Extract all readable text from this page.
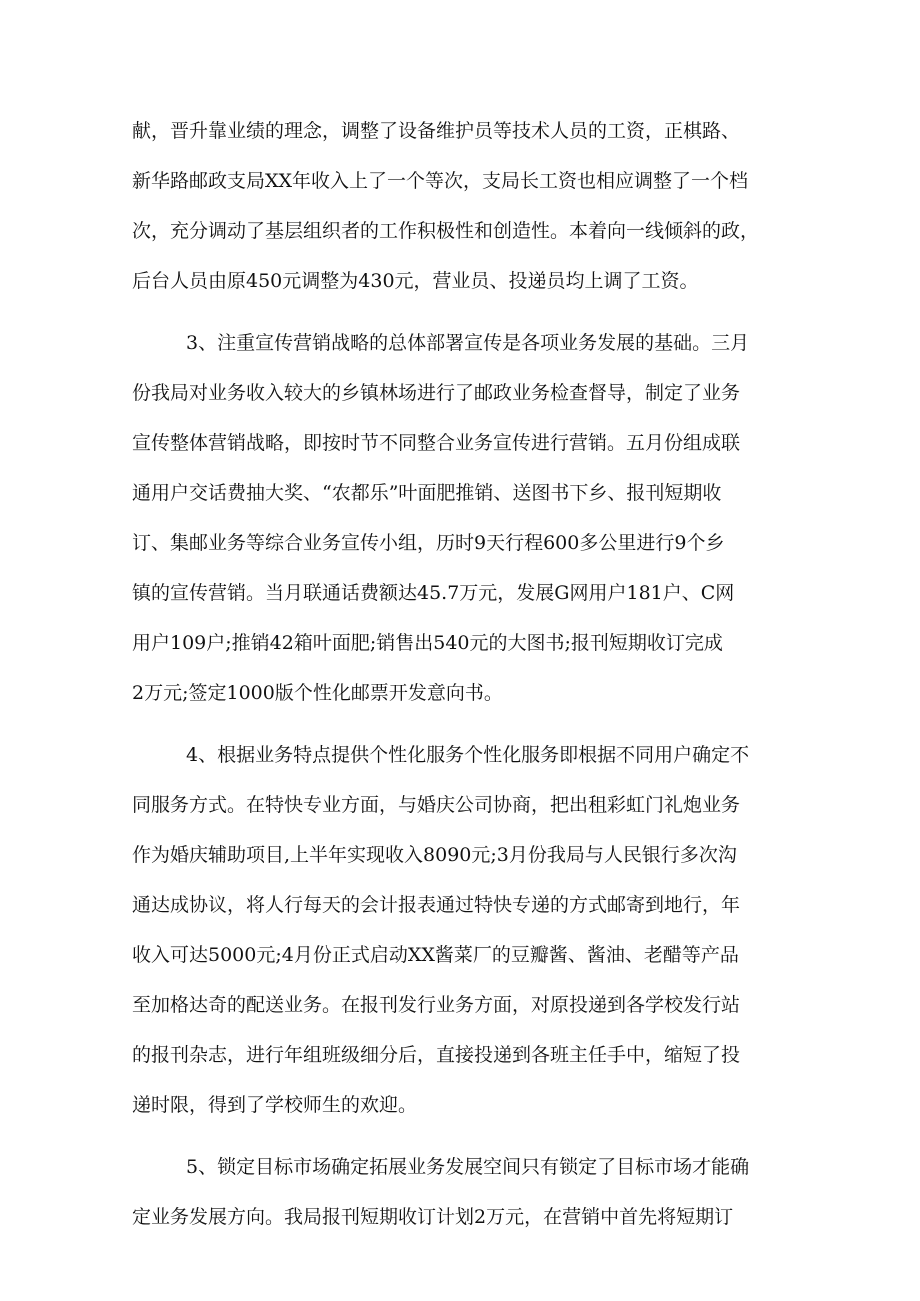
献，晋升靠业绩的理念，调整了设备维护员等技术人员的工资，正棋路、
新华路邮政支局XX年收入上了一个等次，支局长工资也相应调整了一个档
次，充分调动了基层组织者的工作积极性和创造性。本着向一线倾斜的政，
后台人员由原450元调整为430元，营业员、投递员均上调了工资。
3、注重宣传营销战略的总体部署宣传是各项业务发展的基础。三月
份我局对业务收入较大的乡镇林场进行了邮政业务检查督导，制定了业务
宣传整体营销战略，即按时节不同整合业务宣传进行营销。五月份组成联
通用户交话费抽大奖、“农都乐”叶面肥推销、送图书下乡、报刊短期收
订、集邮业务等综合业务宣传小组，历时9天行程600多公里进行9个乡
镇的宣传营销。当月联通话费额达45.7万元，发展G网用户181户、C网
用户109户;推销42箱叶面肥;销售出540元的大图书;报刊短期收订完成
2万元;签定1000版个性化邮票开发意向书。
4、根据业务特点提供个性化服务个性化服务即根据不同用户确定不
同服务方式。在特快专业方面，与婚庆公司协商，把出租彩虹门礼炮业务
作为婚庆辅助项目,上半年实现收入8090元;3月份我局与人民银行多次沟
通达成协议，将人行每天的会计报表通过特快专递的方式邮寄到地行，年
收入可达5000元;4月份正式启动XX酱菜厂的豆瓣酱、酱油、老醋等产品
至加格达奇的配送业务。在报刊发行业务方面，对原投递到各学校发行站
的报刊杂志，进行年组班级细分后，直接投递到各班主任手中，缩短了投
递时限，得到了学校师生的欢迎。
5、锁定目标市场确定拓展业务发展空间只有锁定了目标市场才能确
定业务发展方向。我局报刊短期收订计划2万元，在营销中首先将短期订
